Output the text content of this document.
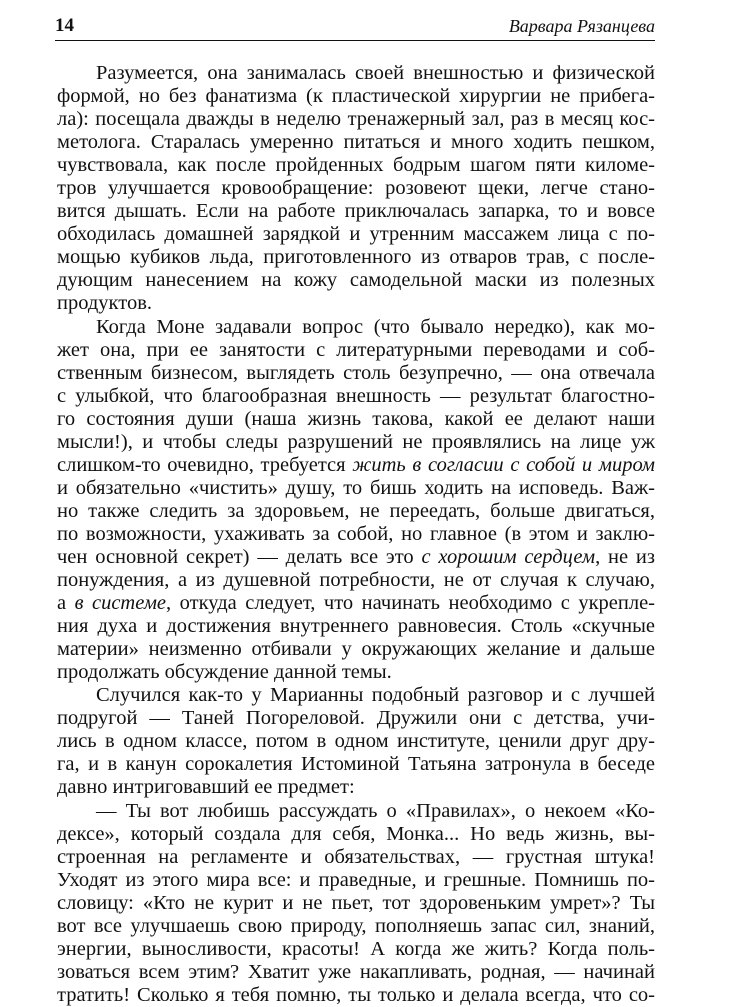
14	Варвара Рязанцева
Разумеется, она занималась своей внешностью и физической
формой, но без фанатизма (к пластической хирургии не прибега-
ла): посещала дважды в неделю тренажерный зал, раз в месяц кос-
метолога. Старалась умеренно питаться и много ходить пешком,
чувствовала, как после пройденных бодрым шагом пяти киломе-
тров улучшается кровообращение: розовеют щеки, легче стано-
вится дышать. Если на работе приключалась запарка, то и вовсе
обходилась домашней зарядкой и утренним массажем лица с по-
мощью кубиков льда, приготовленного из отваров трав, с после-
дующим нанесением на кожу самодельной маски из полезных
продуктов.
Когда Моне задавали вопрос (что бывало нередко), как мо-
жет она, при ее занятости с литературными переводами и соб-
ственным бизнесом, выглядеть столь безупречно, — она отвечала
с улыбкой, что благообразная внешность — результат благостно-
го состояния души (наша жизнь такова, какой ее делают наши
мысли!), и чтобы следы разрушений не проявлялись на лице уж
слишком-то очевидно, требуется жить в согласии с собой и миром
и обязательно «чистить» душу, то бишь ходить на исповедь. Важ-
но также следить за здоровьем, не переедать, больше двигаться,
по возможности, ухаживать за собой, но главное (в этом и заклю-
чен основной секрет) — делать все это с хорошим сердцем, не из
понуждения, а из душевной потребности, не от случая к случаю,
а в системе, откуда следует, что начинать необходимо с укрепле-
ния духа и достижения внутреннего равновесия. Столь «скучные
материи» неизменно отбивали у окружающих желание и дальше
продолжать обсуждение данной темы.
Случился как-то у Марианны подобный разговор и с лучшей
подругой — Таней Погореловой. Дружили они с детства, учи-
лись в одном классе, потом в одном институте, ценили друг дру-
га, и в канун сорокалетия Истоминой Татьяна затронула в беседе
давно интриговавший ее предмет:
— Ты вот любишь рассуждать о «Правилах», о некоем «Ко-
дексе», который создала для себя, Монка... Но ведь жизнь, вы-
строенная на регламенте и обязательствах, — грустная штука!
Уходят из этого мира все: и праведные, и грешные. Помнишь по-
словицу: «Кто не курит и не пьет, тот здоровеньким умрет»? Ты
вот все улучшаешь свою природу, пополняешь запас сил, знаний,
энергии, выносливости, красоты! А когда же жить? Когда поль-
зоваться всем этим? Хватит уже накапливать, родная, — начинай
тратить! Сколько я тебя помню, ты только и делала всегда, что со-
